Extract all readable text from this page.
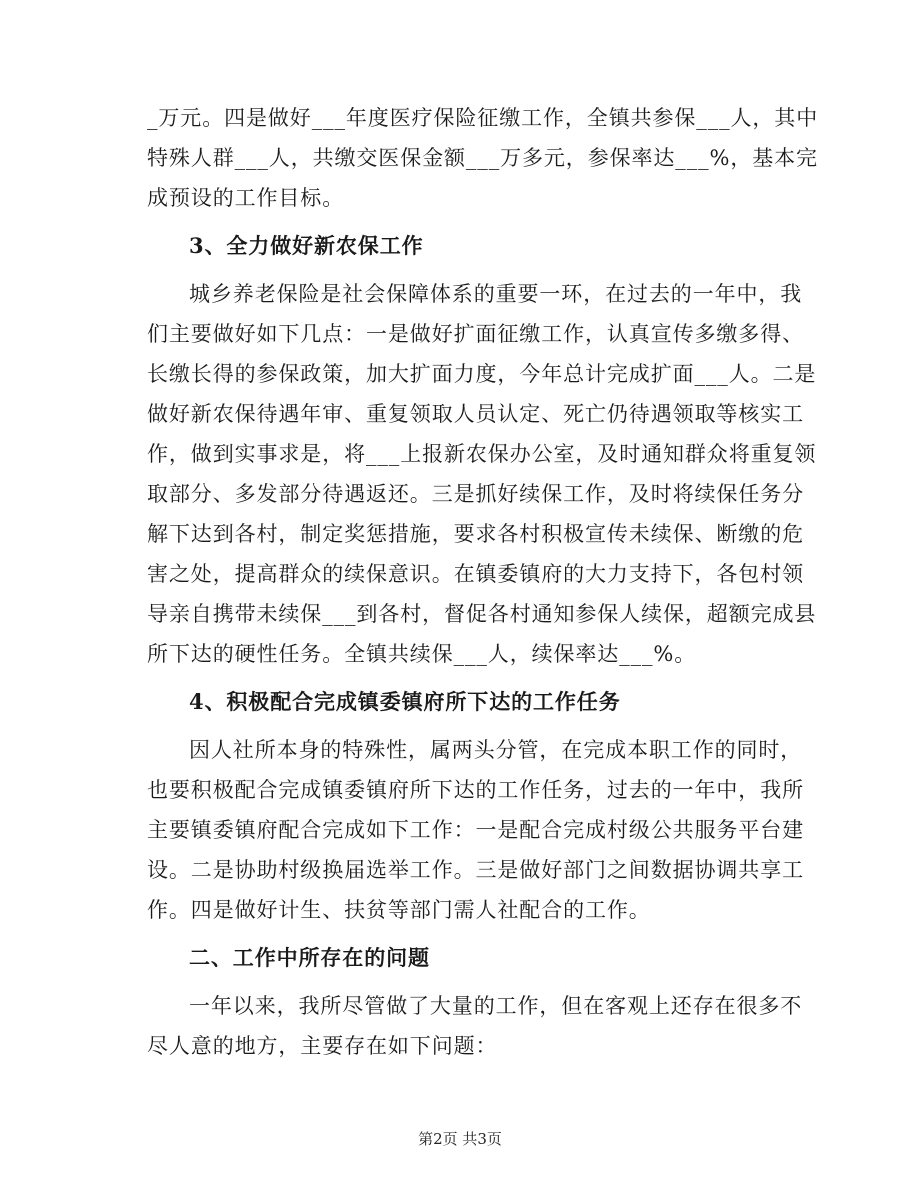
_万元。四是做好___年度医疗保险征缴工作，全镇共参保___人，其中
特殊人群___人，共缴交医保金额___万多元，参保率达___%，基本完
成预设的工作目标。
3、全力做好新农保工作
城乡养老保险是社会保障体系的重要一环，在过去的一年中，我
们主要做好如下几点：一是做好扩面征缴工作，认真宣传多缴多得、
长缴长得的参保政策，加大扩面力度，今年总计完成扩面___人。二是
做好新农保待遇年审、重复领取人员认定、死亡仍待遇领取等核实工
作，做到实事求是，将___上报新农保办公室，及时通知群众将重复领
取部分、多发部分待遇返还。三是抓好续保工作，及时将续保任务分
解下达到各村，制定奖惩措施，要求各村积极宣传未续保、断缴的危
害之处，提高群众的续保意识。在镇委镇府的大力支持下，各包村领
导亲自携带未续保___到各村，督促各村通知参保人续保，超额完成县
所下达的硬性任务。全镇共续保___人，续保率达___%。
4、积极配合完成镇委镇府所下达的工作任务
因人社所本身的特殊性，属两头分管，在完成本职工作的同时，
也要积极配合完成镇委镇府所下达的工作任务，过去的一年中，我所
主要镇委镇府配合完成如下工作：一是配合完成村级公共服务平台建
设。二是协助村级换届选举工作。三是做好部门之间数据协调共享工
作。四是做好计生、扶贫等部门需人社配合的工作。
二、工作中所存在的问题
一年以来，我所尽管做了大量的工作，但在客观上还存在很多不
尽人意的地方，主要存在如下问题：
第2页 共3页
